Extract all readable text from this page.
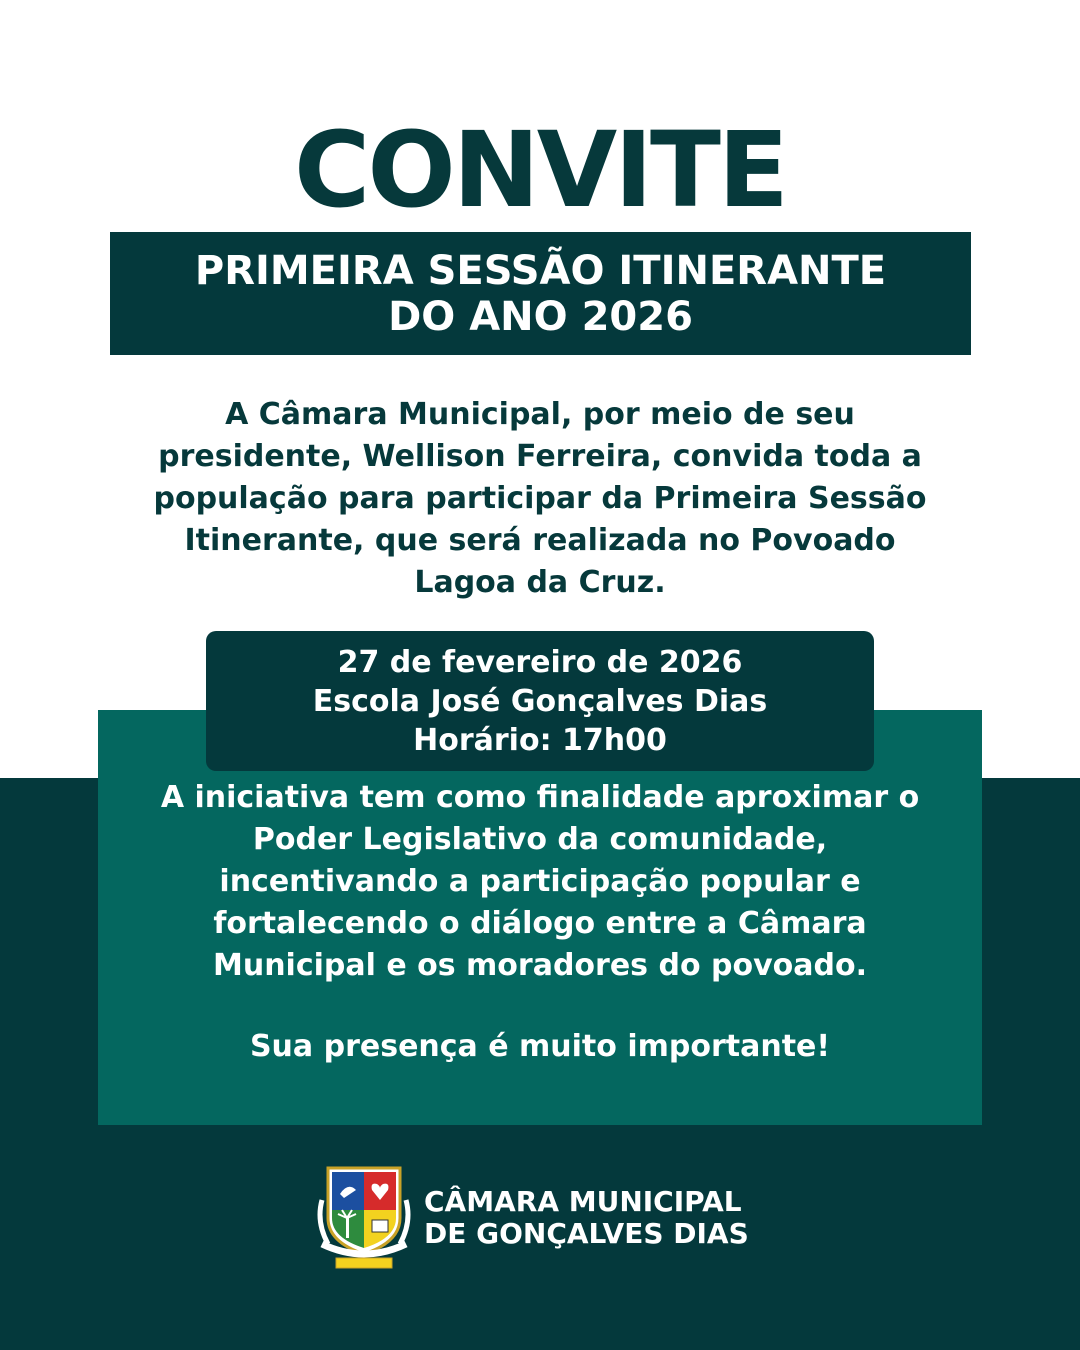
CONVITE
PRIMEIRA SESSÃO ITINERANTE
DO ANO 2026
A Câmara Municipal, por meio de seu
presidente, Wellison Ferreira, convida toda a
população para participar da Primeira Sessão
Itinerante, que será realizada no Povoado
Lagoa da Cruz.
27 de fevereiro de 2026
Escola José Gonçalves Dias
Horário: 17h00
A iniciativa tem como finalidade aproximar o
Poder Legislativo da comunidade,
incentivando a participação popular e
fortalecendo o diálogo entre a Câmara
Municipal e os moradores do povoado.
Sua presença é muito importante!
CÂMARA MUNICIPAL
DE GONÇALVES DIAS
